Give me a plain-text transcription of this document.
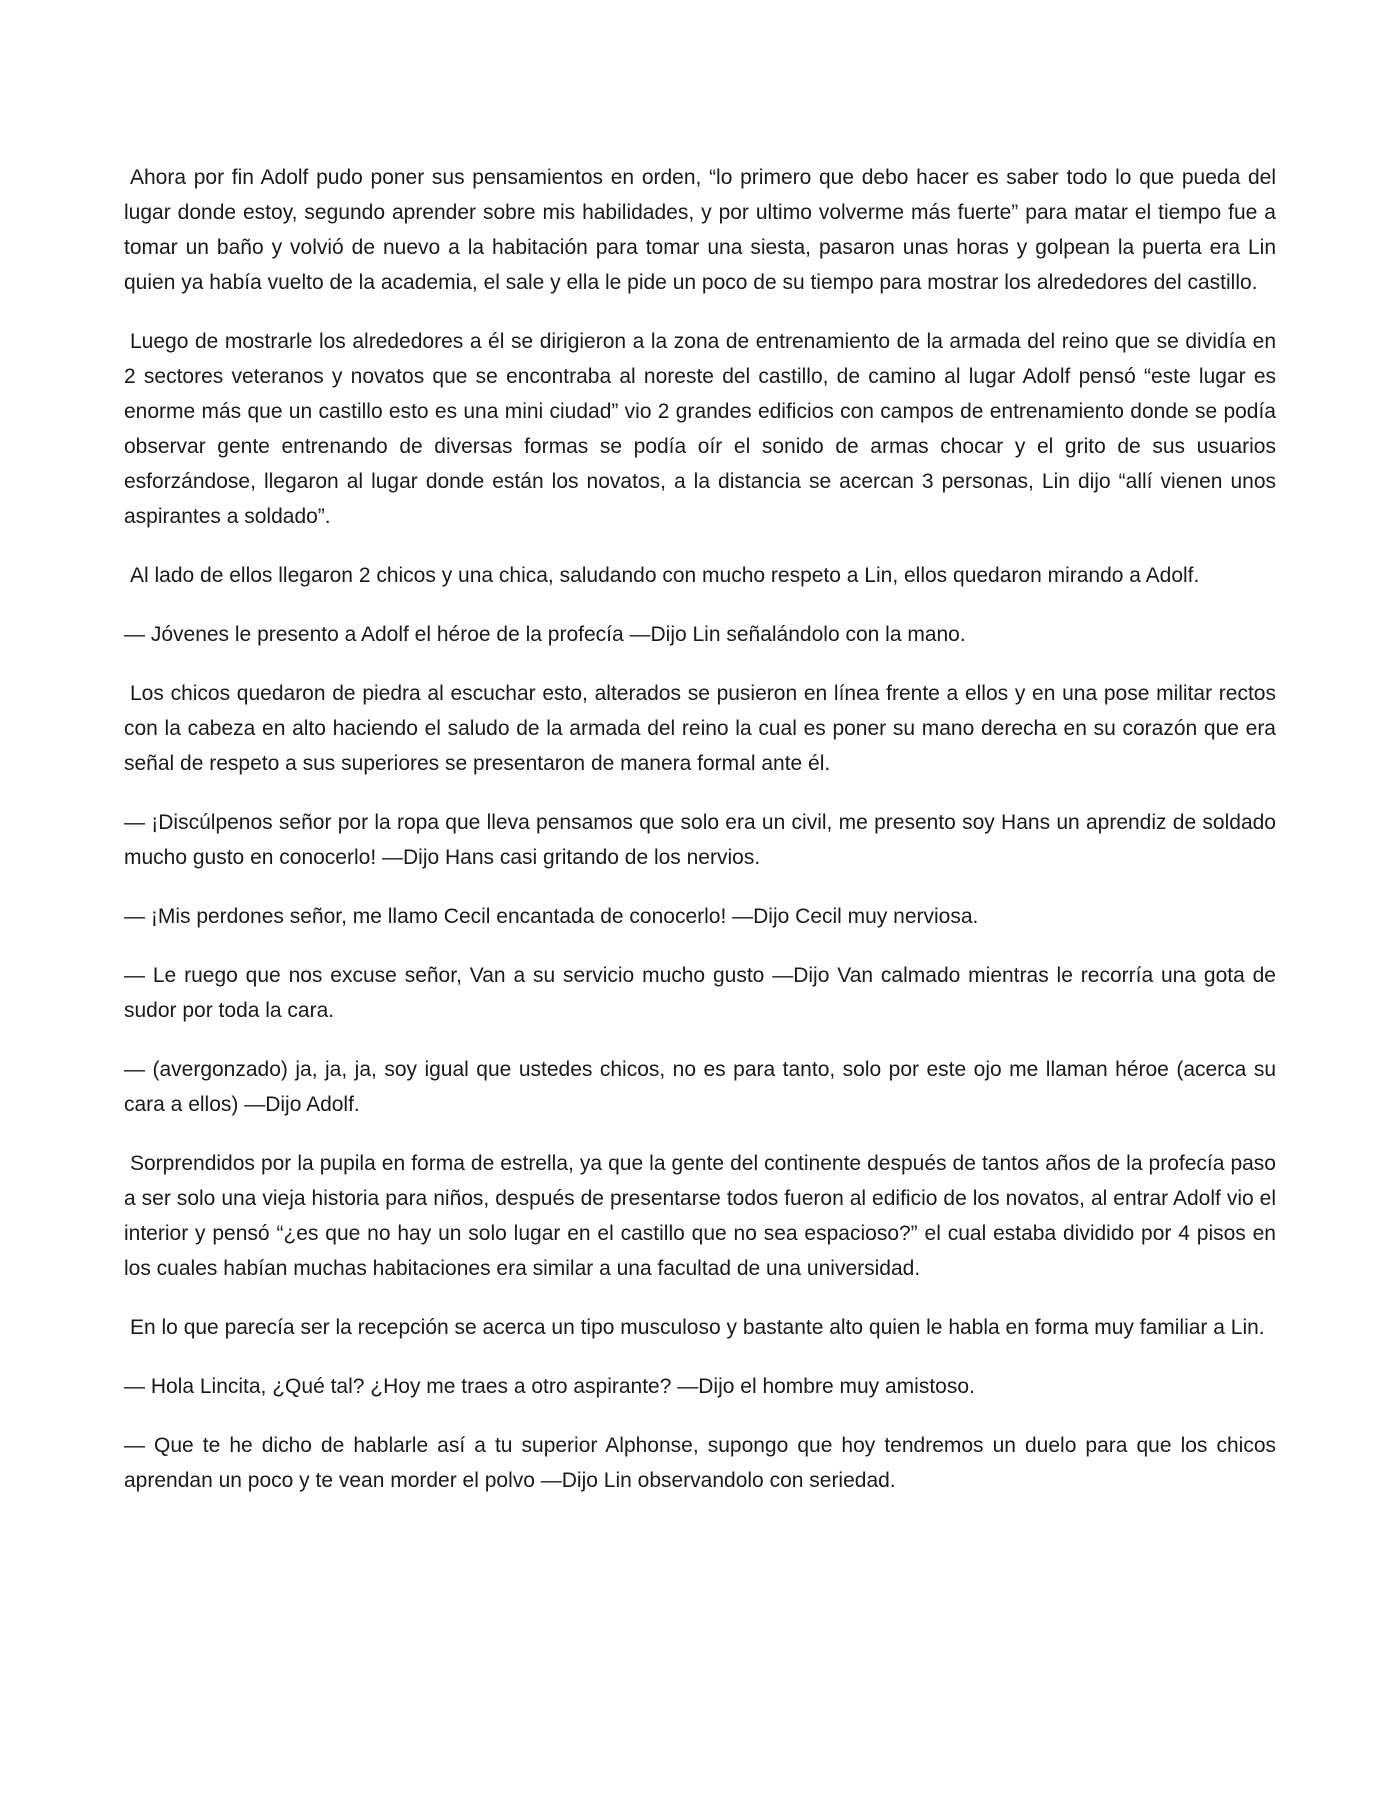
Ahora por fin Adolf pudo poner sus pensamientos en orden, “lo primero que debo hacer es saber todo lo que pueda del lugar donde estoy, segundo aprender sobre mis habilidades, y por ultimo volverme más fuerte” para matar el tiempo fue a tomar un baño y volvió de nuevo a la habitación para tomar una siesta, pasaron unas horas y golpean la puerta era Lin quien ya había vuelto de la academia, el sale y ella le pide un poco de su tiempo para mostrar los alrededores del castillo.

Luego de mostrarle los alrededores a él se dirigieron a la zona de entrenamiento de la armada del reino que se dividía en 2 sectores veteranos y novatos que se encontraba al noreste del castillo, de camino al lugar Adolf pensó “este lugar es enorme más que un castillo esto es una mini ciudad” vio 2 grandes edificios con campos de entrenamiento donde se podía observar gente entrenando de diversas formas se podía oír el sonido de armas chocar y el grito de sus usuarios esforzándose, llegaron al lugar donde están los novatos, a la distancia se acercan 3 personas, Lin dijo “allí vienen unos aspirantes a soldado”.

Al lado de ellos llegaron 2 chicos y una chica, saludando con mucho respeto a Lin, ellos quedaron mirando a Adolf.

— Jóvenes le presento a Adolf el héroe de la profecía —Dijo Lin señalándolo con la mano.

Los chicos quedaron de piedra al escuchar esto, alterados se pusieron en línea frente a ellos y en una pose militar rectos con la cabeza en alto haciendo el saludo de la armada del reino la cual es poner su mano derecha en su corazón que era señal de respeto a sus superiores se presentaron de manera formal ante él.

— ¡Discúlpenos señor por la ropa que lleva pensamos que solo era un civil, me presento soy Hans un aprendiz de soldado mucho gusto en conocerlo! —Dijo Hans casi gritando de los nervios.

— ¡Mis perdones señor, me llamo Cecil encantada de conocerlo! —Dijo Cecil muy nerviosa.

— Le ruego que nos excuse señor, Van a su servicio mucho gusto —Dijo Van calmado mientras le recorría una gota de sudor por toda la cara.

— (avergonzado) ja, ja, ja, soy igual que ustedes chicos, no es para tanto, solo por este ojo me llaman héroe (acerca su cara a ellos) —Dijo Adolf.

Sorprendidos por la pupila en forma de estrella, ya que la gente del continente después de tantos años de la profecía paso a ser solo una vieja historia para niños, después de presentarse todos fueron al edificio de los novatos, al entrar Adolf vio el interior y pensó “¿es que no hay un solo lugar en el castillo que no sea espacioso?” el cual estaba dividido por 4 pisos en los cuales habían muchas habitaciones era similar a una facultad de una universidad.

En lo que parecía ser la recepción se acerca un tipo musculoso y bastante alto quien le habla en forma muy familiar a Lin.

— Hola Lincita, ¿Qué tal? ¿Hoy me traes a otro aspirante? —Dijo el hombre muy amistoso.

— Que te he dicho de hablarle así a tu superior Alphonse, supongo que hoy tendremos un duelo para que los chicos aprendan un poco y te vean morder el polvo —Dijo Lin observandolo con seriedad.
